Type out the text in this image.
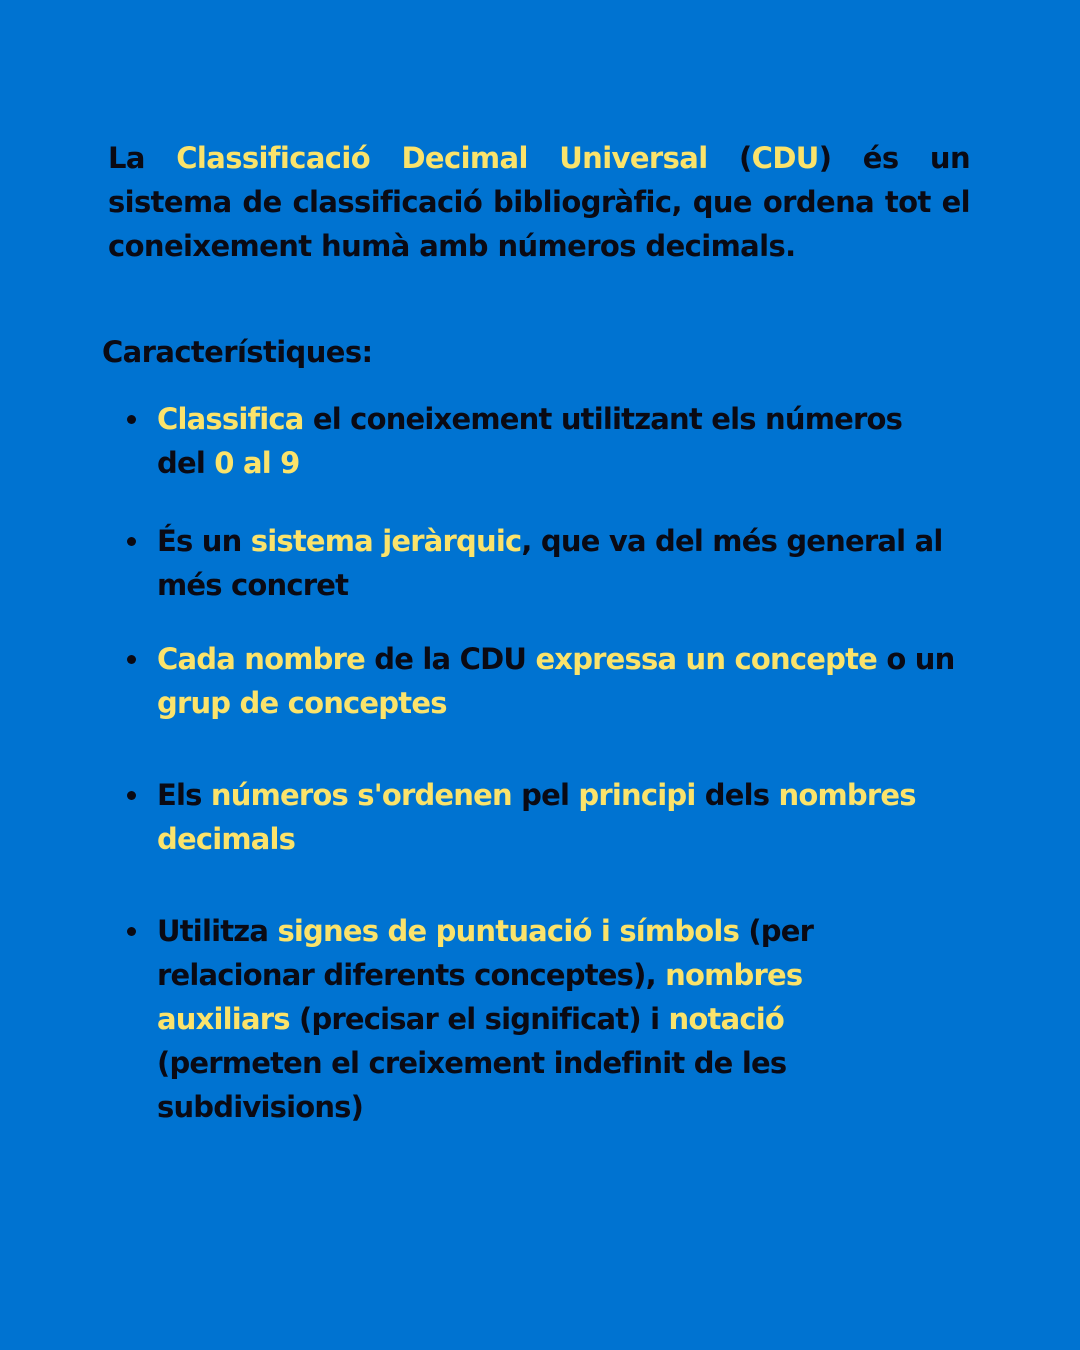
La Classificació Decimal Universal (CDU) és un sistema de classificació bibliogràfic, que ordena tot el coneixement humà amb números decimals.

Característiques:
Classifica el coneixement utilitzant els números del 0 al 9
És un sistema jeràrquic, que va del més general al més concret
Cada nombre de la CDU expressa un concepte o un grup de conceptes
Els números s'ordenen pel principi dels nombres decimals
Utilitza signes de puntuació i símbols (per relacionar diferents conceptes), nombres auxiliars (precisar el significat) i notació (permeten el creixement indefinit de les subdivisions)
